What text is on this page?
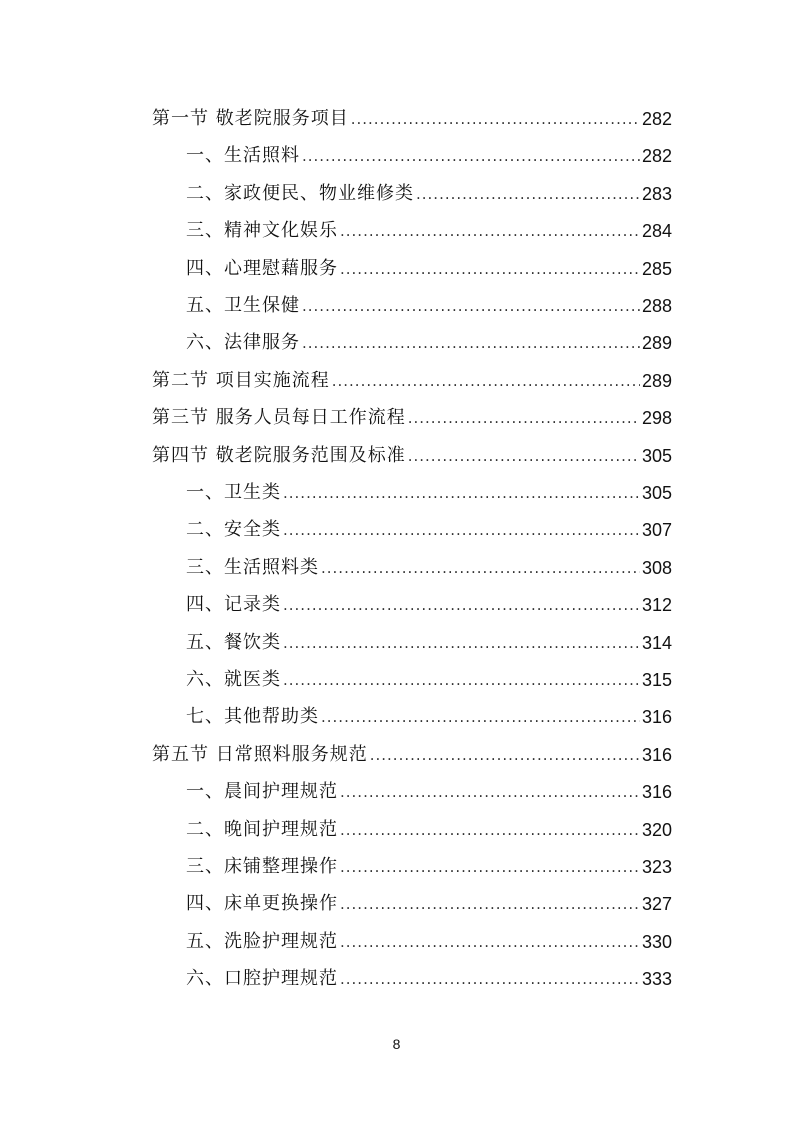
第一节 敬老院服务项目 .....	282
一、生活照料 .....	282
二、家政便民、物业维修类 .....	283
三、精神文化娱乐 .....	284
四、心理慰藉服务 .....	285
五、卫生保健 .....	288
六、法律服务 .....	289
第二节 项目实施流程 .....	289
第三节 服务人员每日工作流程 .....	298
第四节 敬老院服务范围及标准 .....	305
一、卫生类 .....	305
二、安全类 .....	307
三、生活照料类 .....	308
四、记录类 .....	312
五、餐饮类 .....	314
六、就医类 .....	315
七、其他帮助类 .....	316
第五节 日常照料服务规范 .....	316
一、晨间护理规范 .....	316
二、晚间护理规范 .....	320
三、床铺整理操作 .....	323
四、床单更换操作 .....	327
五、洗脸护理规范 .....	330
六、口腔护理规范 .....	333
8
